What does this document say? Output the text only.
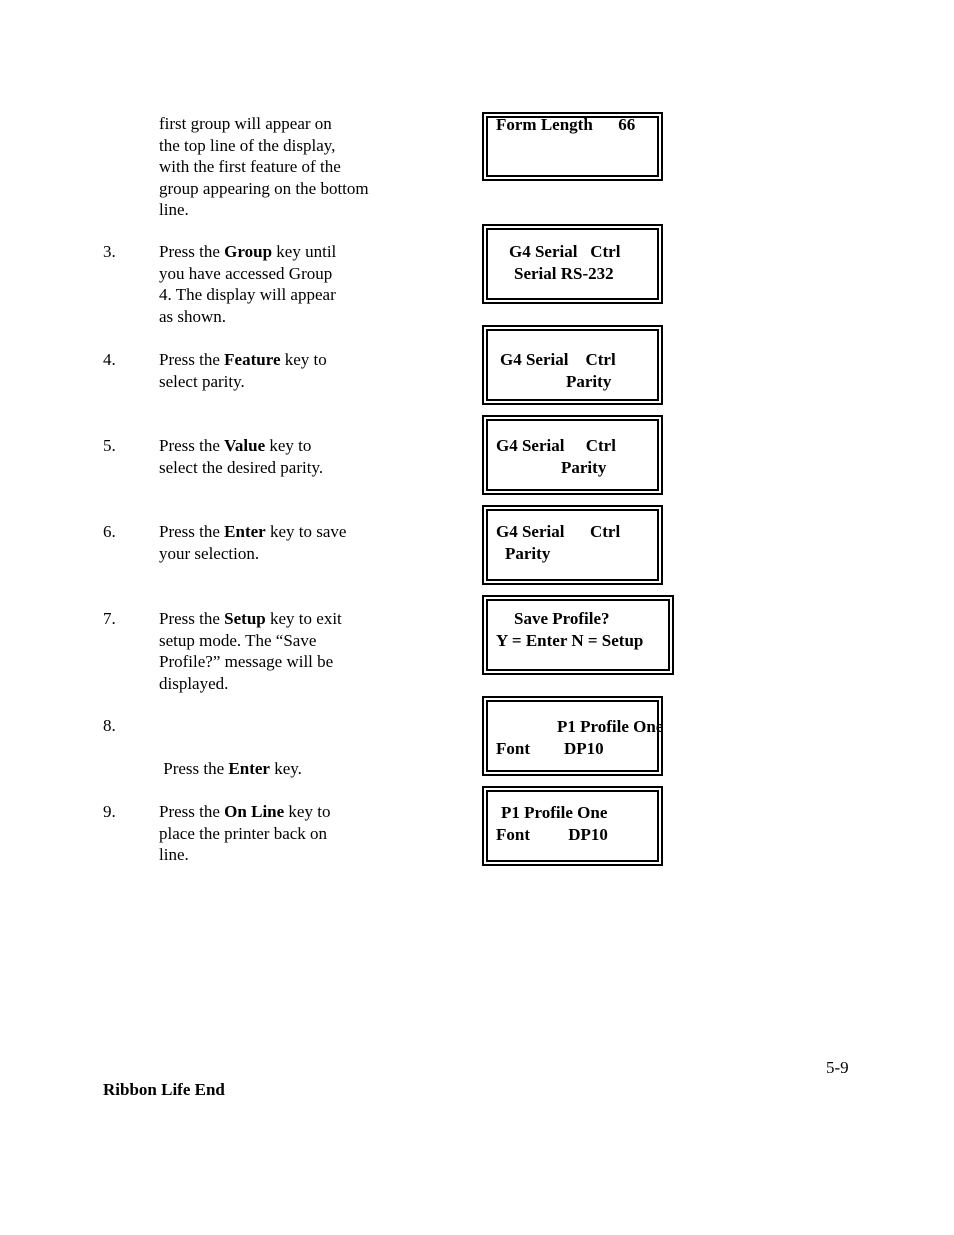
first group will appear on
the top line of the display,
with the first feature of the
group appearing on the bottom
line.
3.	Press the Group key until
you have accessed Group
4. The display will appear
as shown.
4.	Press the Feature key to
select parity.
5.	Press the Value key to
select the desired parity.
6.	Press the Enter key to save
your selection.
7.	Press the Setup key to exit
setup mode. The “Save
Profile?” message will be
displayed.
8.

Press the Enter key.

9.	Press the On Line key to
place the printer back on
line.
Form Length      66
G4 Serial   Ctrl
Serial RS-232
G4 Serial    Ctrl
Parity
G4 Serial     Ctrl
Parity
G4 Serial      Ctrl
Parity
Save Profile?
Y = Enter N = Setup
P1 Profile One
Font        DP10
P1 Profile One
Font         DP10
5-9
Ribbon Life End
